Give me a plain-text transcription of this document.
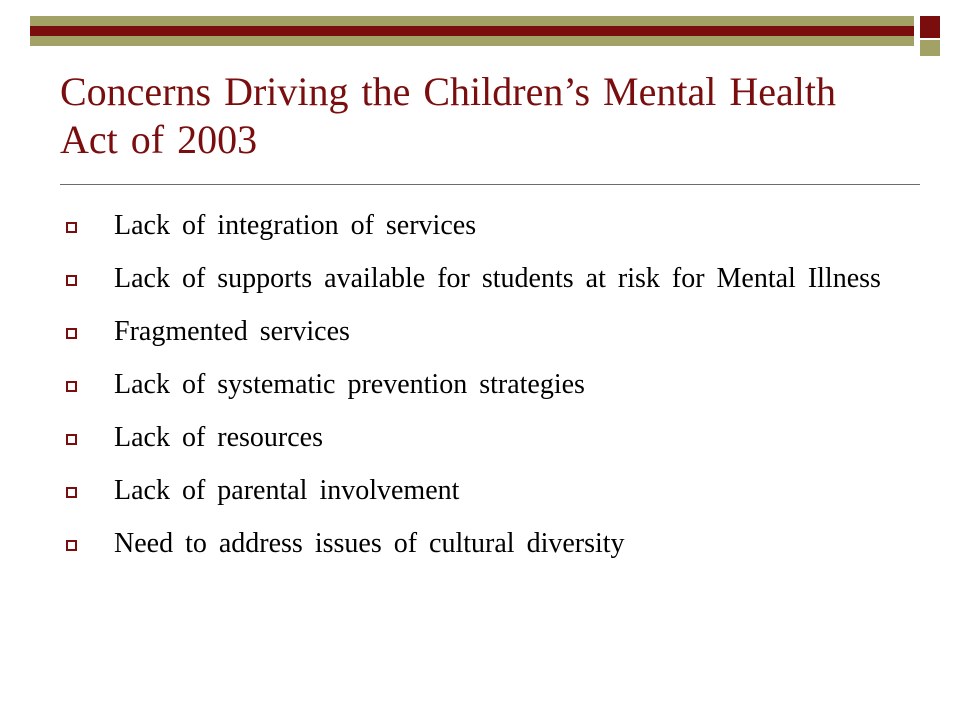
Concerns Driving the Children’s Mental Health Act of 2003
Lack of integration of services
Lack of supports available for students at risk for Mental Illness
Fragmented services
Lack of systematic prevention strategies
Lack of resources
Lack of parental involvement
Need to address issues of cultural diversity
